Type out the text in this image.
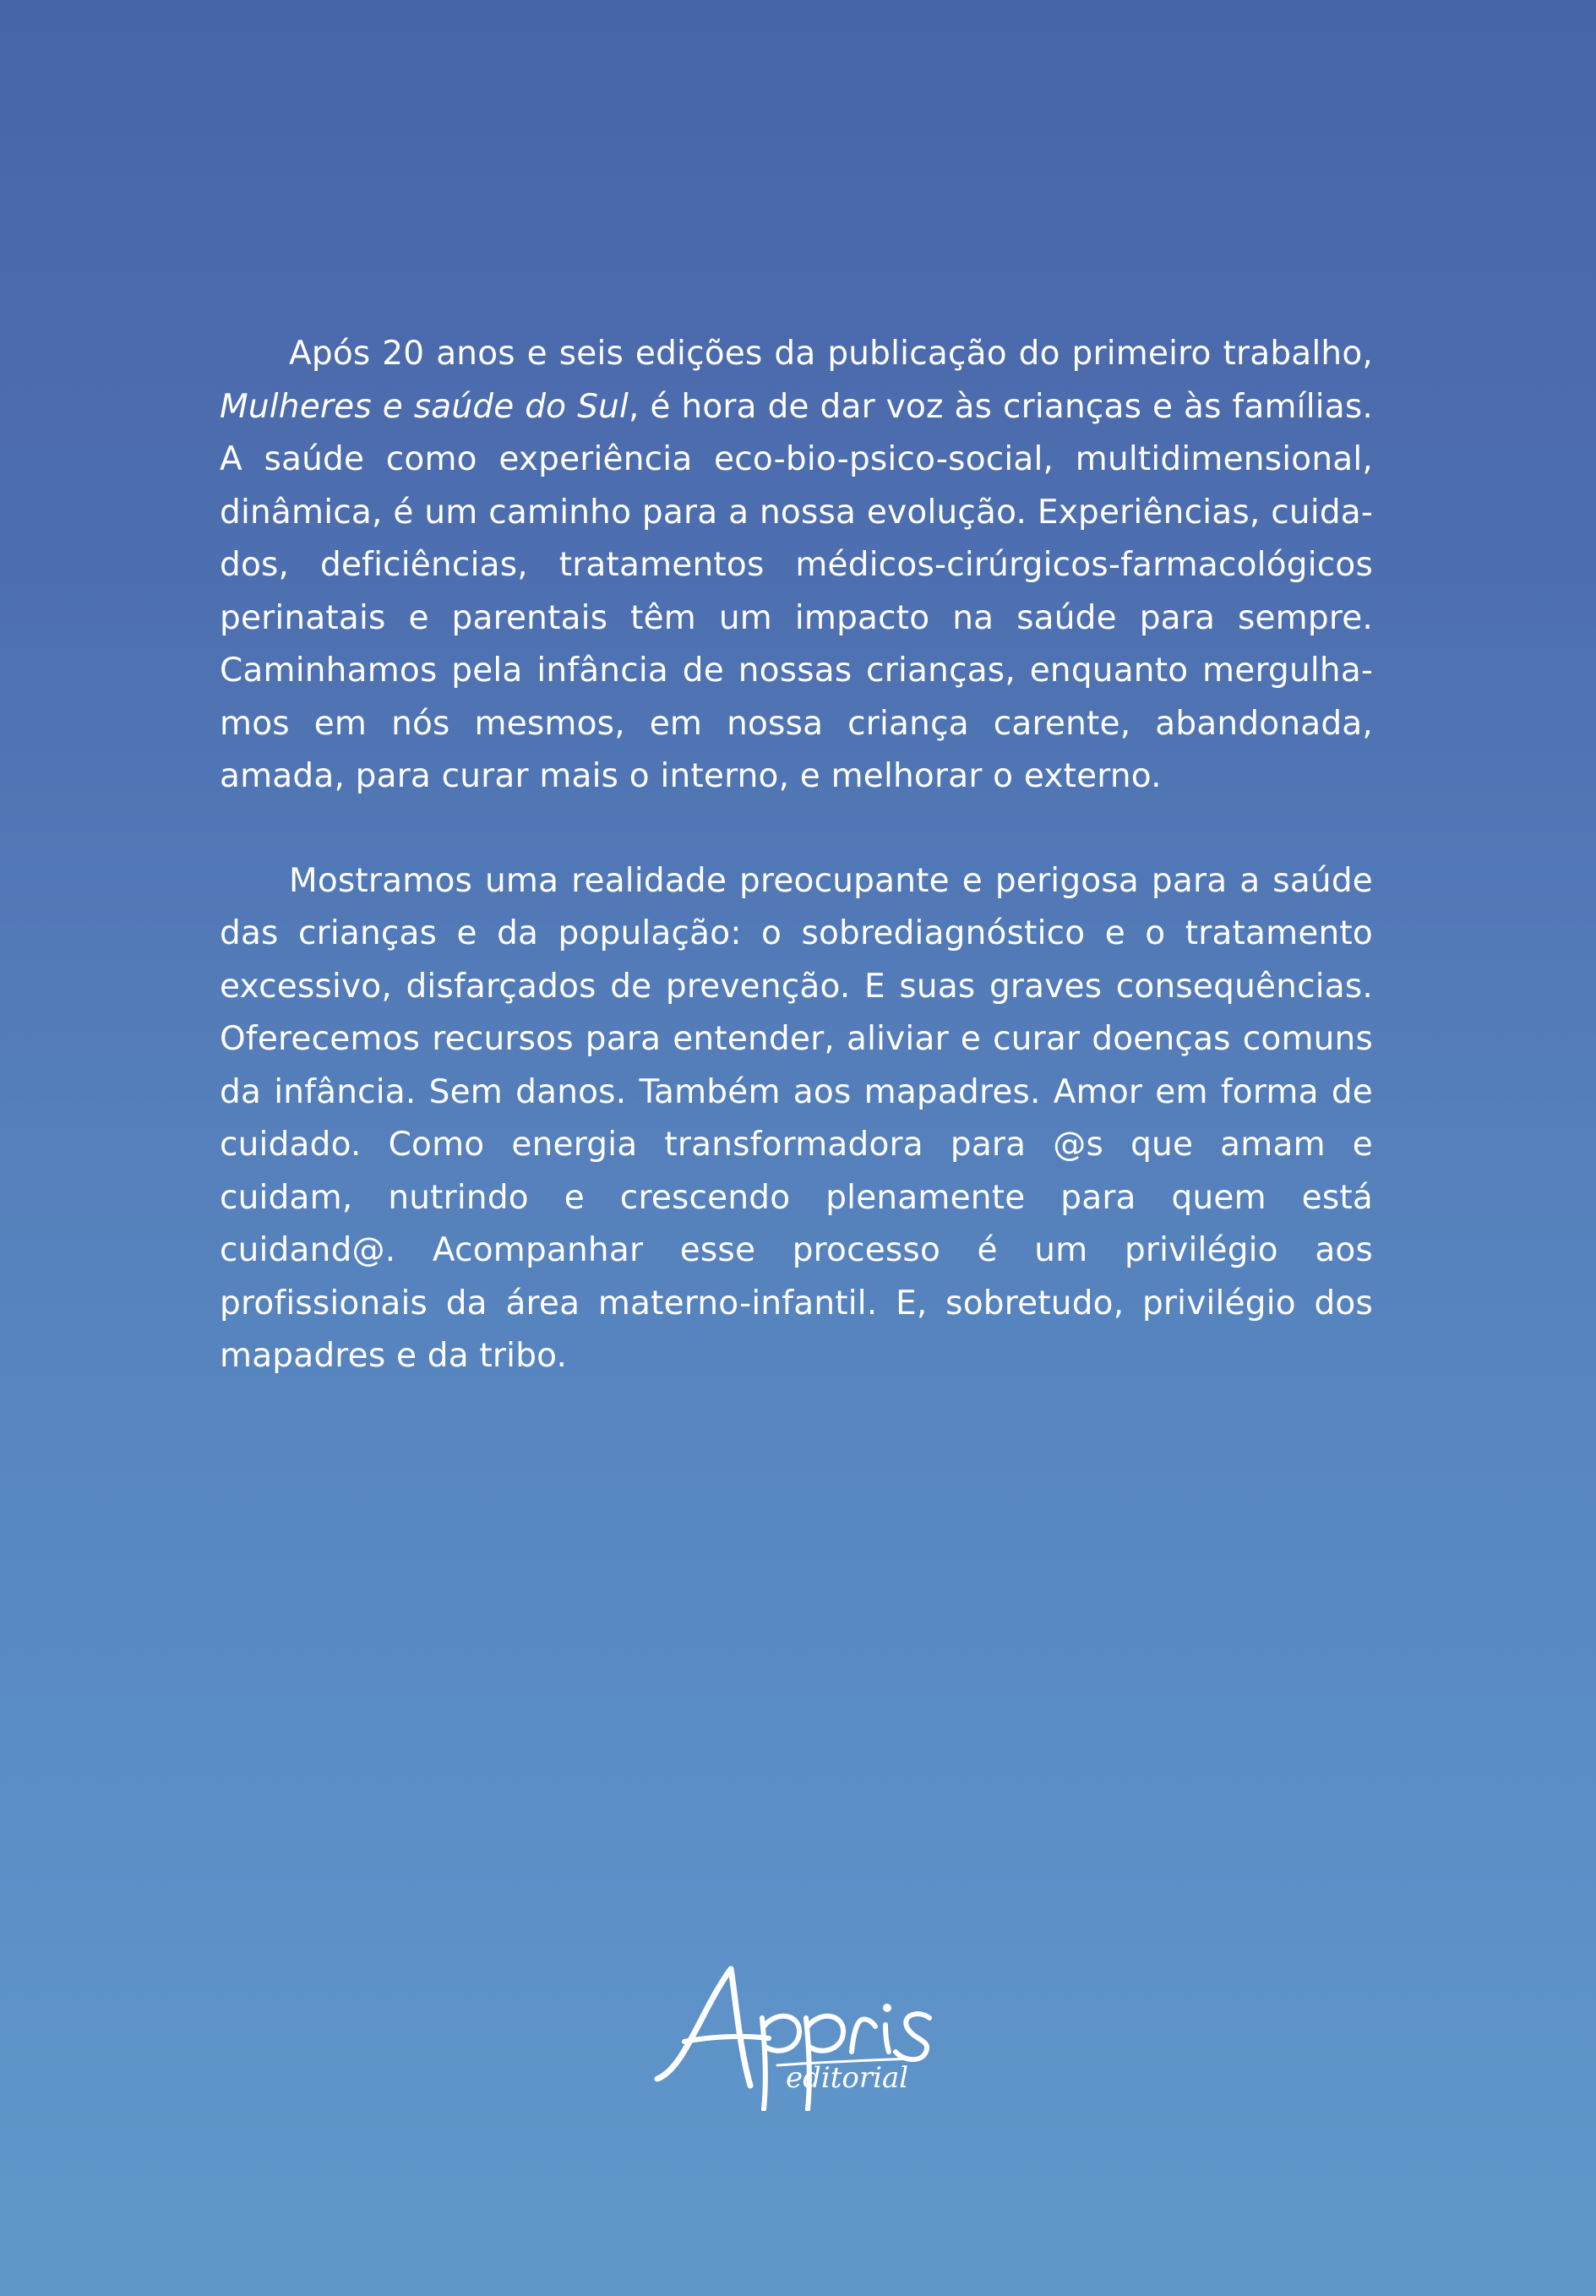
Após 20 anos e seis edições da publicação do primeiro trabalho, Mulheres e saúde do Sul, é hora de dar voz às crianças e às famílias. A saúde como experiência eco-bio-psico-social, multidimensional, dinâmica, é um caminho para a nossa evolução. Experiências, cuidados, deficiências, tratamentos médicos-cirúrgicos-farmacológicos perinatais e parentais têm um impacto na saúde para sempre. Caminhamos pela infância de nossas crianças, enquanto mergulhamos em nós mesmos, em nossa criança carente, abandonada, amada, para curar mais o interno, e melhorar o externo.

Mostramos uma realidade preocupante e perigosa para a saúde das crianças e da população: o sobrediagnóstico e o tratamento excessivo, disfarçados de prevenção. E suas graves consequências. Oferecemos recursos para entender, aliviar e curar doenças comuns da infância. Sem danos. Também aos mapadres. Amor em forma de cuidado. Como energia transformadora para @s que amam e cuidam, nutrindo e crescendo plenamente para quem está cuidand@. Acompanhar esse processo é um privilégio aos profissionais da área materno-infantil. E, sobretudo, privilégio dos mapadres e da tribo.

editorial
